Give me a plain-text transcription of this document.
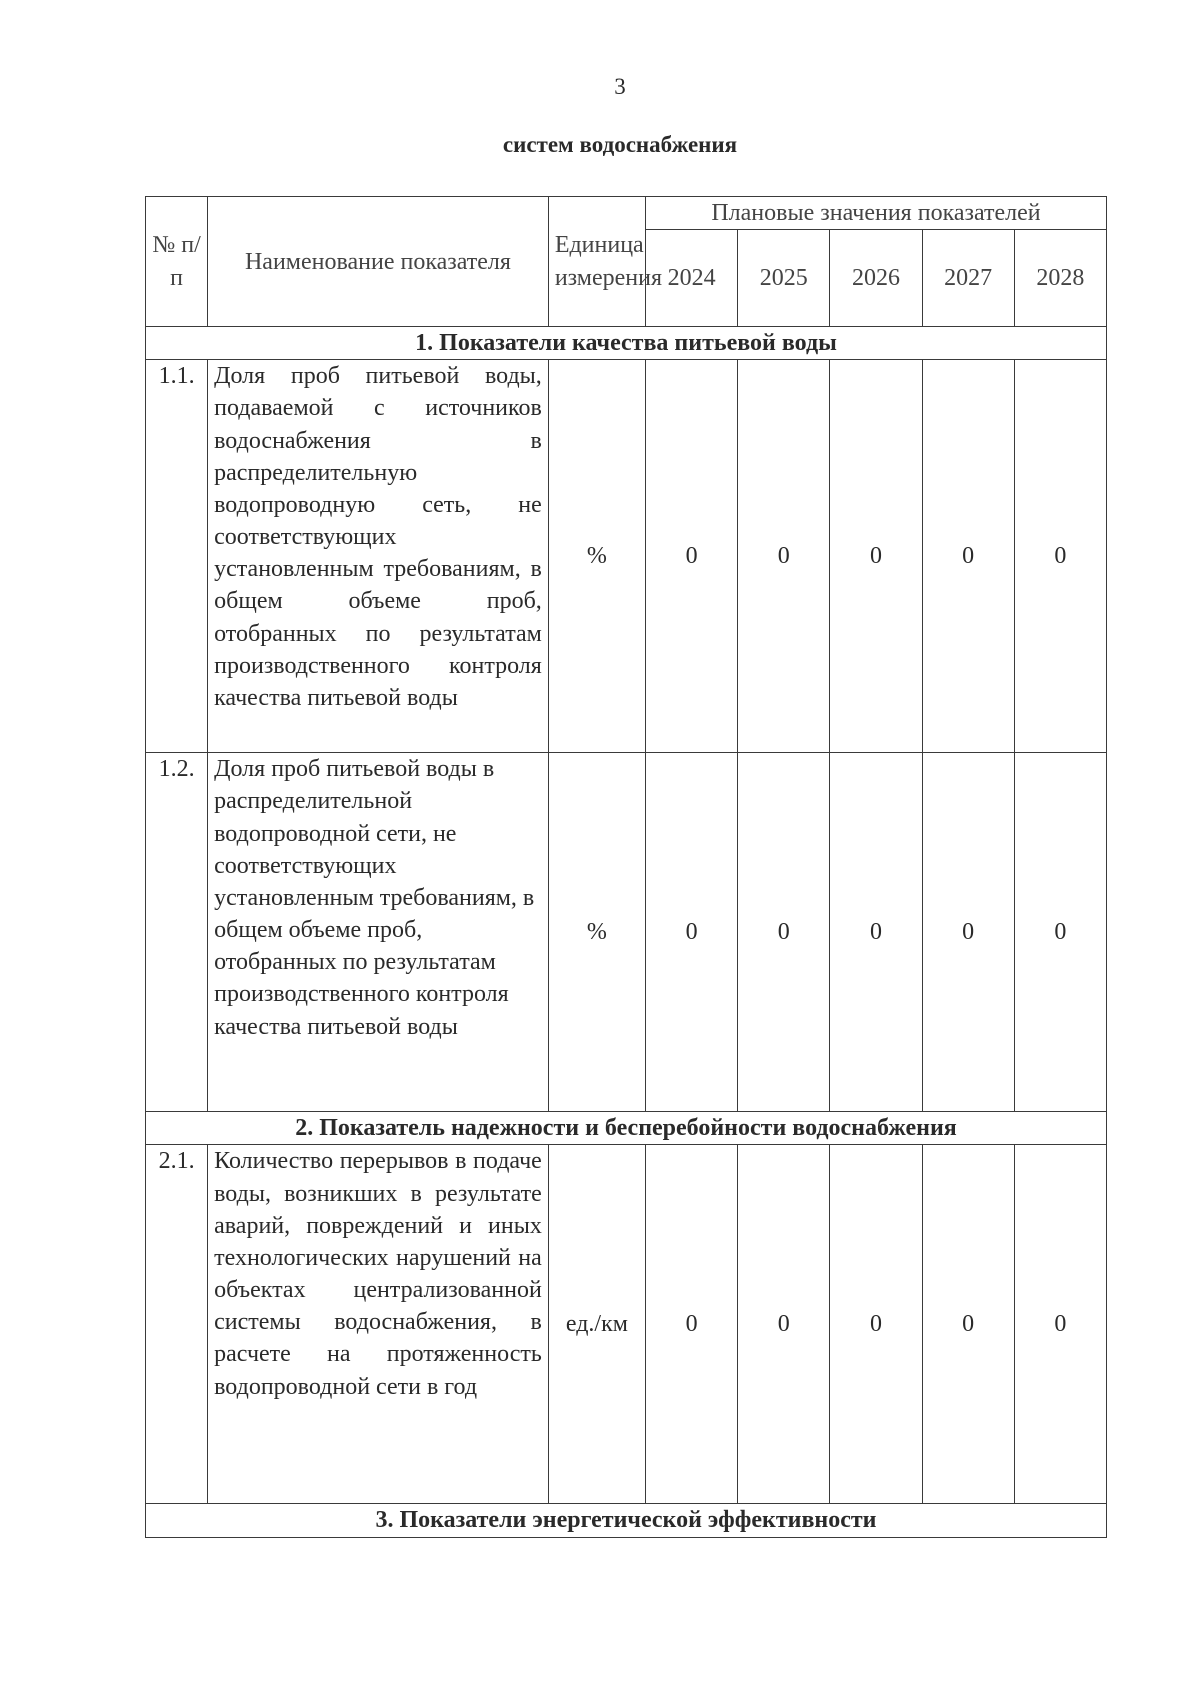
3
систем водоснабжения
№ п/п	Наименование показателя	Единица измерения	Плановые значения показателей				
			2024	2025	2026	2027	2028
1. Показатели качества питьевой воды							
1.1.	Доля проб питьевой воды, подаваемой с источников водоснабжения в распределительную водопроводную сеть, не соответствующих установленным требованиям, в общем объеме проб, отобранных по результатам производственного контроля качества питьевой воды	%	0	0	0	0	0
1.2.	Доля проб питьевой воды в распределительной водопроводной сети, не соответствующих установленным требованиям, в общем объеме проб, отобранных по результатам производственного контроля качества питьевой воды	%	0	0	0	0	0
2. Показатель надежности и бесперебойности водоснабжения							
2.1.	Количество перерывов в подаче воды, возникших в результате аварий, повреждений и иных технологических нарушений на объектах централизованной системы водоснабжения, в расчете на протяженность водопроводной сети в год	ед./км	0	0	0	0	0
3. Показатели энергетической эффективности							
